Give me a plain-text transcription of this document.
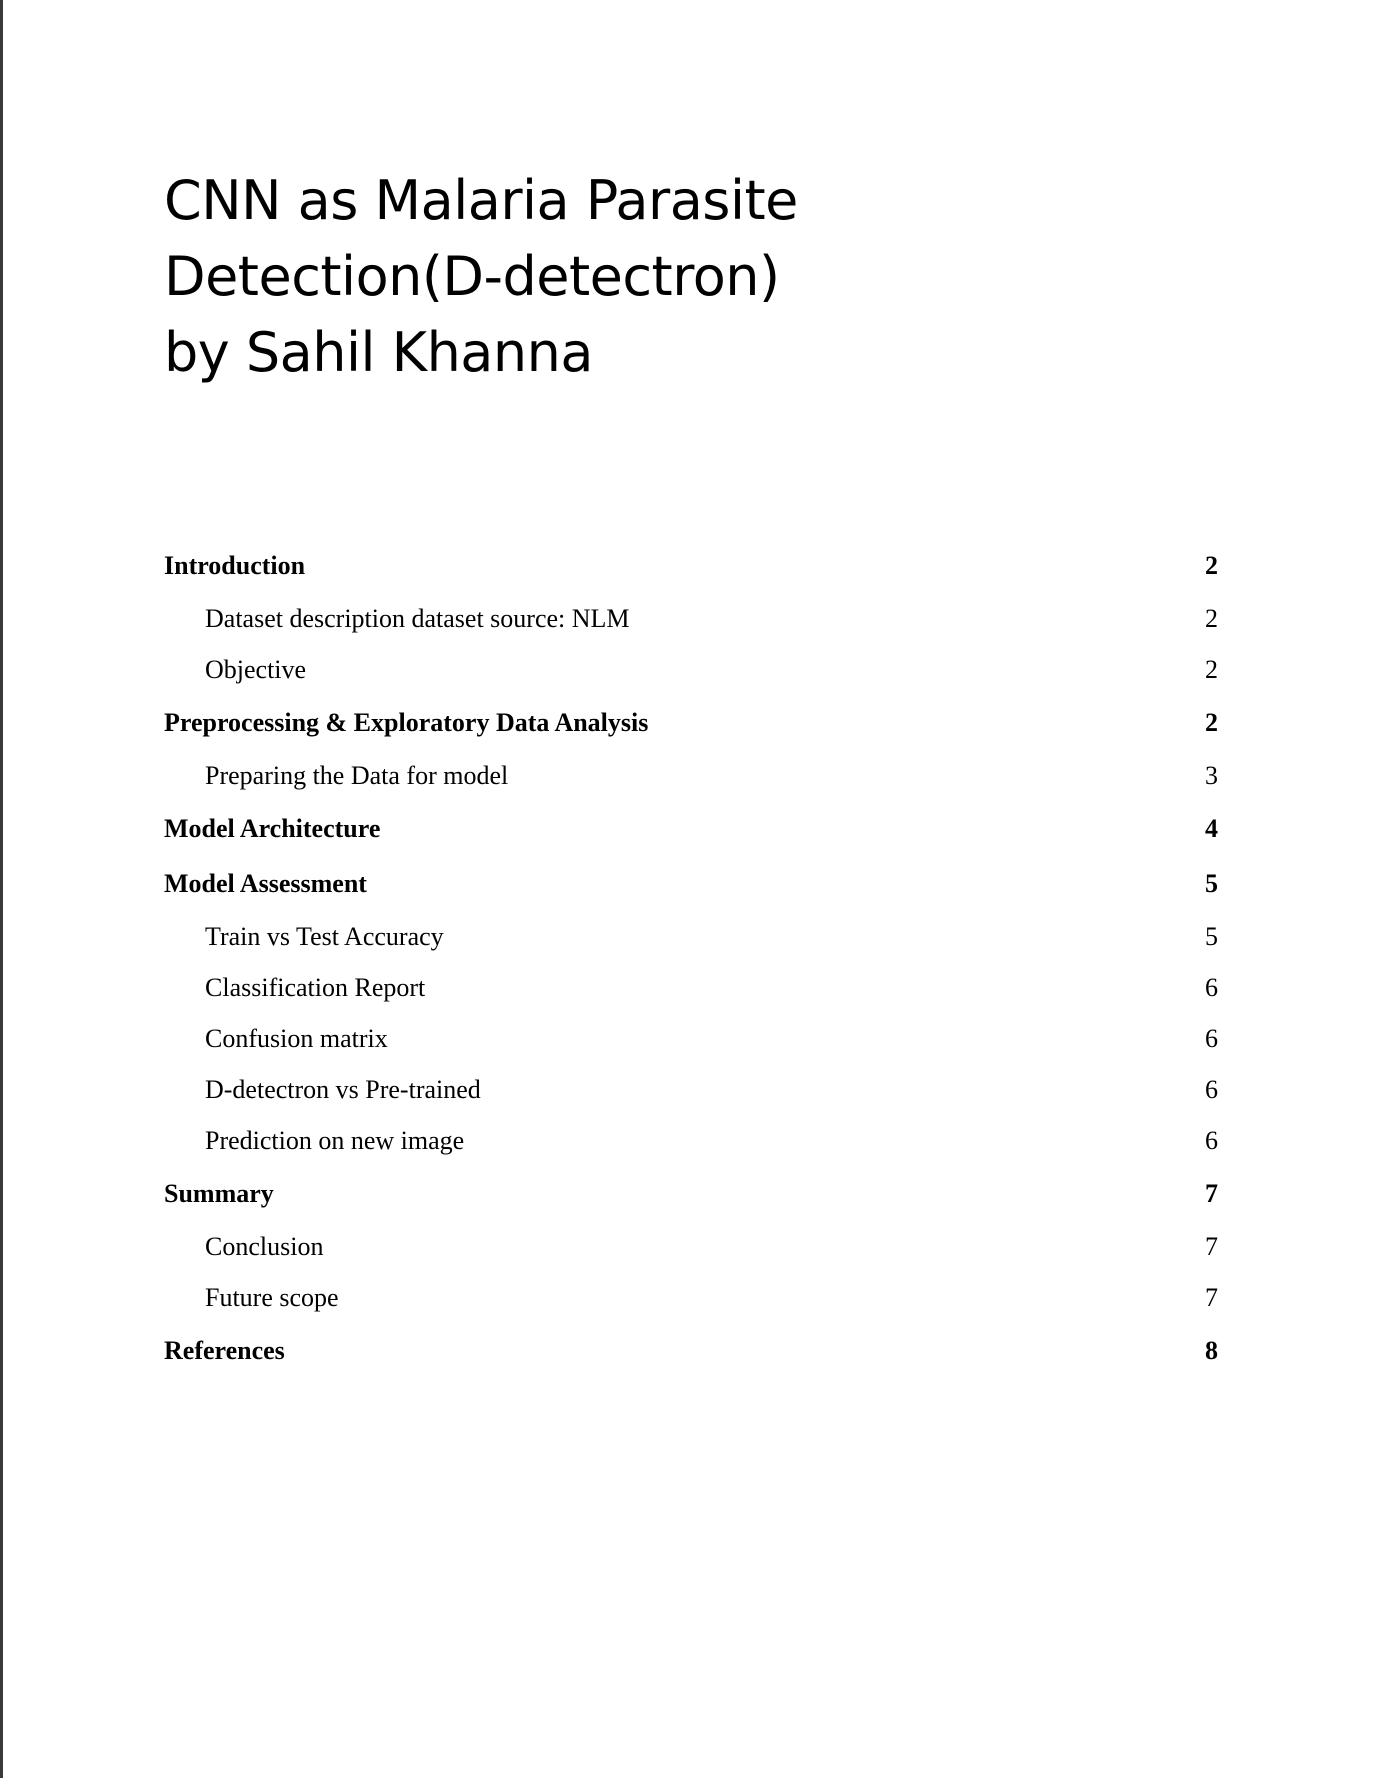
CNN as Malaria Parasite
Detection(D-detectron)
by Sahil Khanna
Introduction	2
Dataset description dataset source: NLM	2
Objective	2
Preprocessing & Exploratory Data Analysis	2
Preparing the Data for model	3
Model Architecture	4
Model Assessment	5
Train vs Test Accuracy	5
Classification Report	6
Confusion matrix	6
D-detectron vs Pre-trained	6
Prediction on new image	6
Summary	7
Conclusion	7
Future scope	7
References	8
